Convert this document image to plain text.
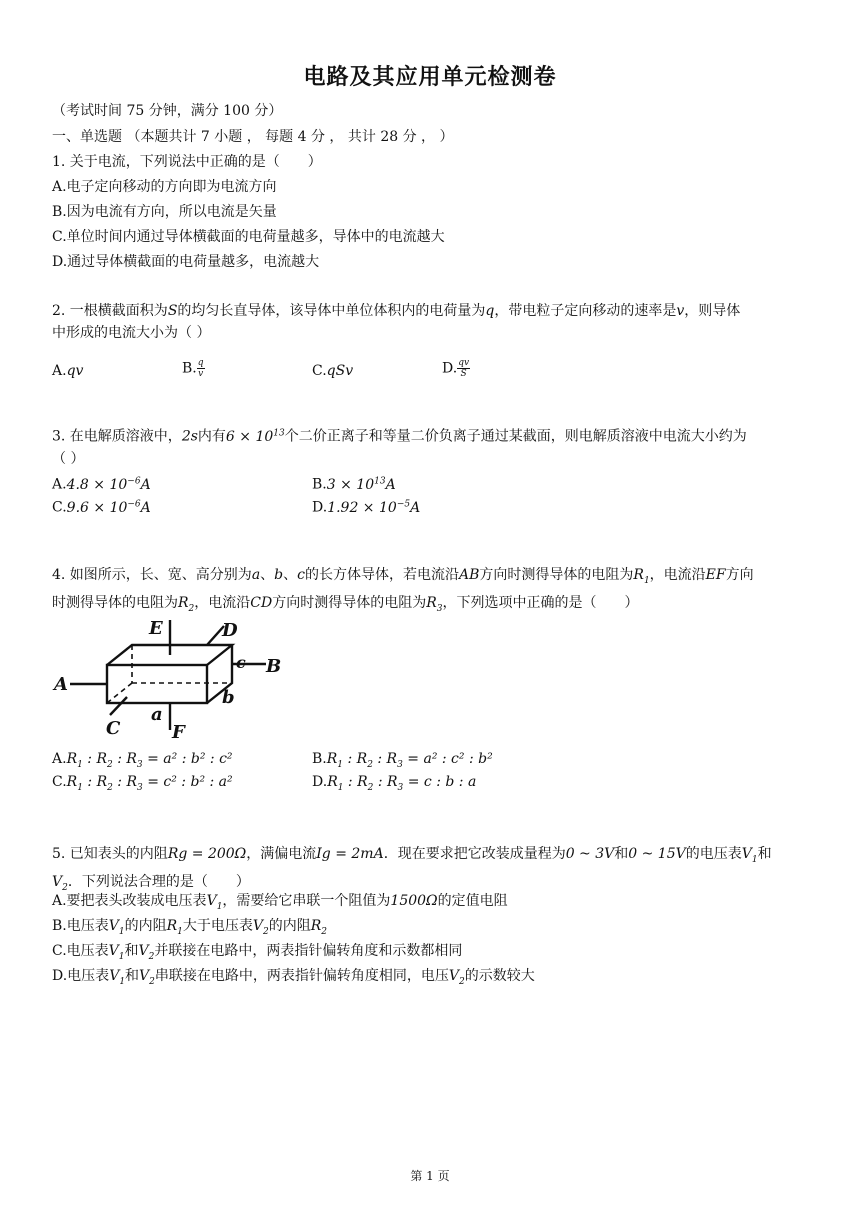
电路及其应用单元检测卷
（考试时间 75 分钟，满分 100 分）
一、单选题 （本题共计 7 小题 ， 每题 4 分 ， 共计 28 分 ， ）
1. 关于电流，下列说法中正确的是（　　）
A.电子定向移动的方向即为电流方向
B.因为电流有方向，所以电流是矢量
C.单位时间内通过导体横截面的电荷量越多，导体中的电流越大
D.通过导体横截面的电荷量越多，电流越大
2. 一根横截面积为S的均匀长直导体，该导体中单位体积内的电荷量为q，带电粒子定向移动的速率是v，则导体
中形成的电流大小为（ ）
A.qv	B. $\frac{q}{v}$	C.qSv	D. $\frac{qv}{S}$
3. 在电解质溶液中，2s内有$6 \times 10^{13}$个二价正离子和等量二价负离子通过某截面，则电解质溶液中电流大小约为
（ ）
$A.4.8 \times 10^{-6}A$	$B.3 \times 10^{13}A$
$C.9.6 \times 10^{-6}A$	$D.1.92 \times 10^{-5}A$
4. 如图所示，长、宽、高分别为a、b、c的长方体导体，若电流沿AB方向时测得导体的电阻为$R_1$，电流沿EF方向
时测得导体的电阻为$R_2$，电流沿CD方向时测得导体的电阻为$R_3$，下列选项中正确的是（　　）
A
B
C
D
E
F
a
b
c
$A.R_1$ : $R_2$ : $R_3 = a^2$ : b² : c²	$B.R_1$ : $R_2$ : $R_3 = a^2$ : c² : b²
$C.R_1$ : $R_2$ : $R_3 = c^2$ : b² : a²	$D.R_1$ : $R_2$ : $R_3 = c$ : b : a
5. 已知表头的内阻Rg = 200Ω，满偏电流Ig = 2mA．现在要求把它改装成量程为0 ~ 3V和0 ~ 15V的电压表$V_1$和
$V_2$．下列说法合理的是（　　）
A.要把表头改装成电压表$V_1$，需要给它串联一个阻值为1500Ω的定值电阻
B.电压表$V_1$的内阻$R_1$大于电压表$V_2$的内阻$R_2$
C.电压表$V_1$和$V_2$并联接在电路中，两表指针偏转角度和示数都相同
D.电压表$V_1$和$V_2$串联接在电路中，两表指针偏转角度相同，电压$V_2$的示数较大
第 1 页
